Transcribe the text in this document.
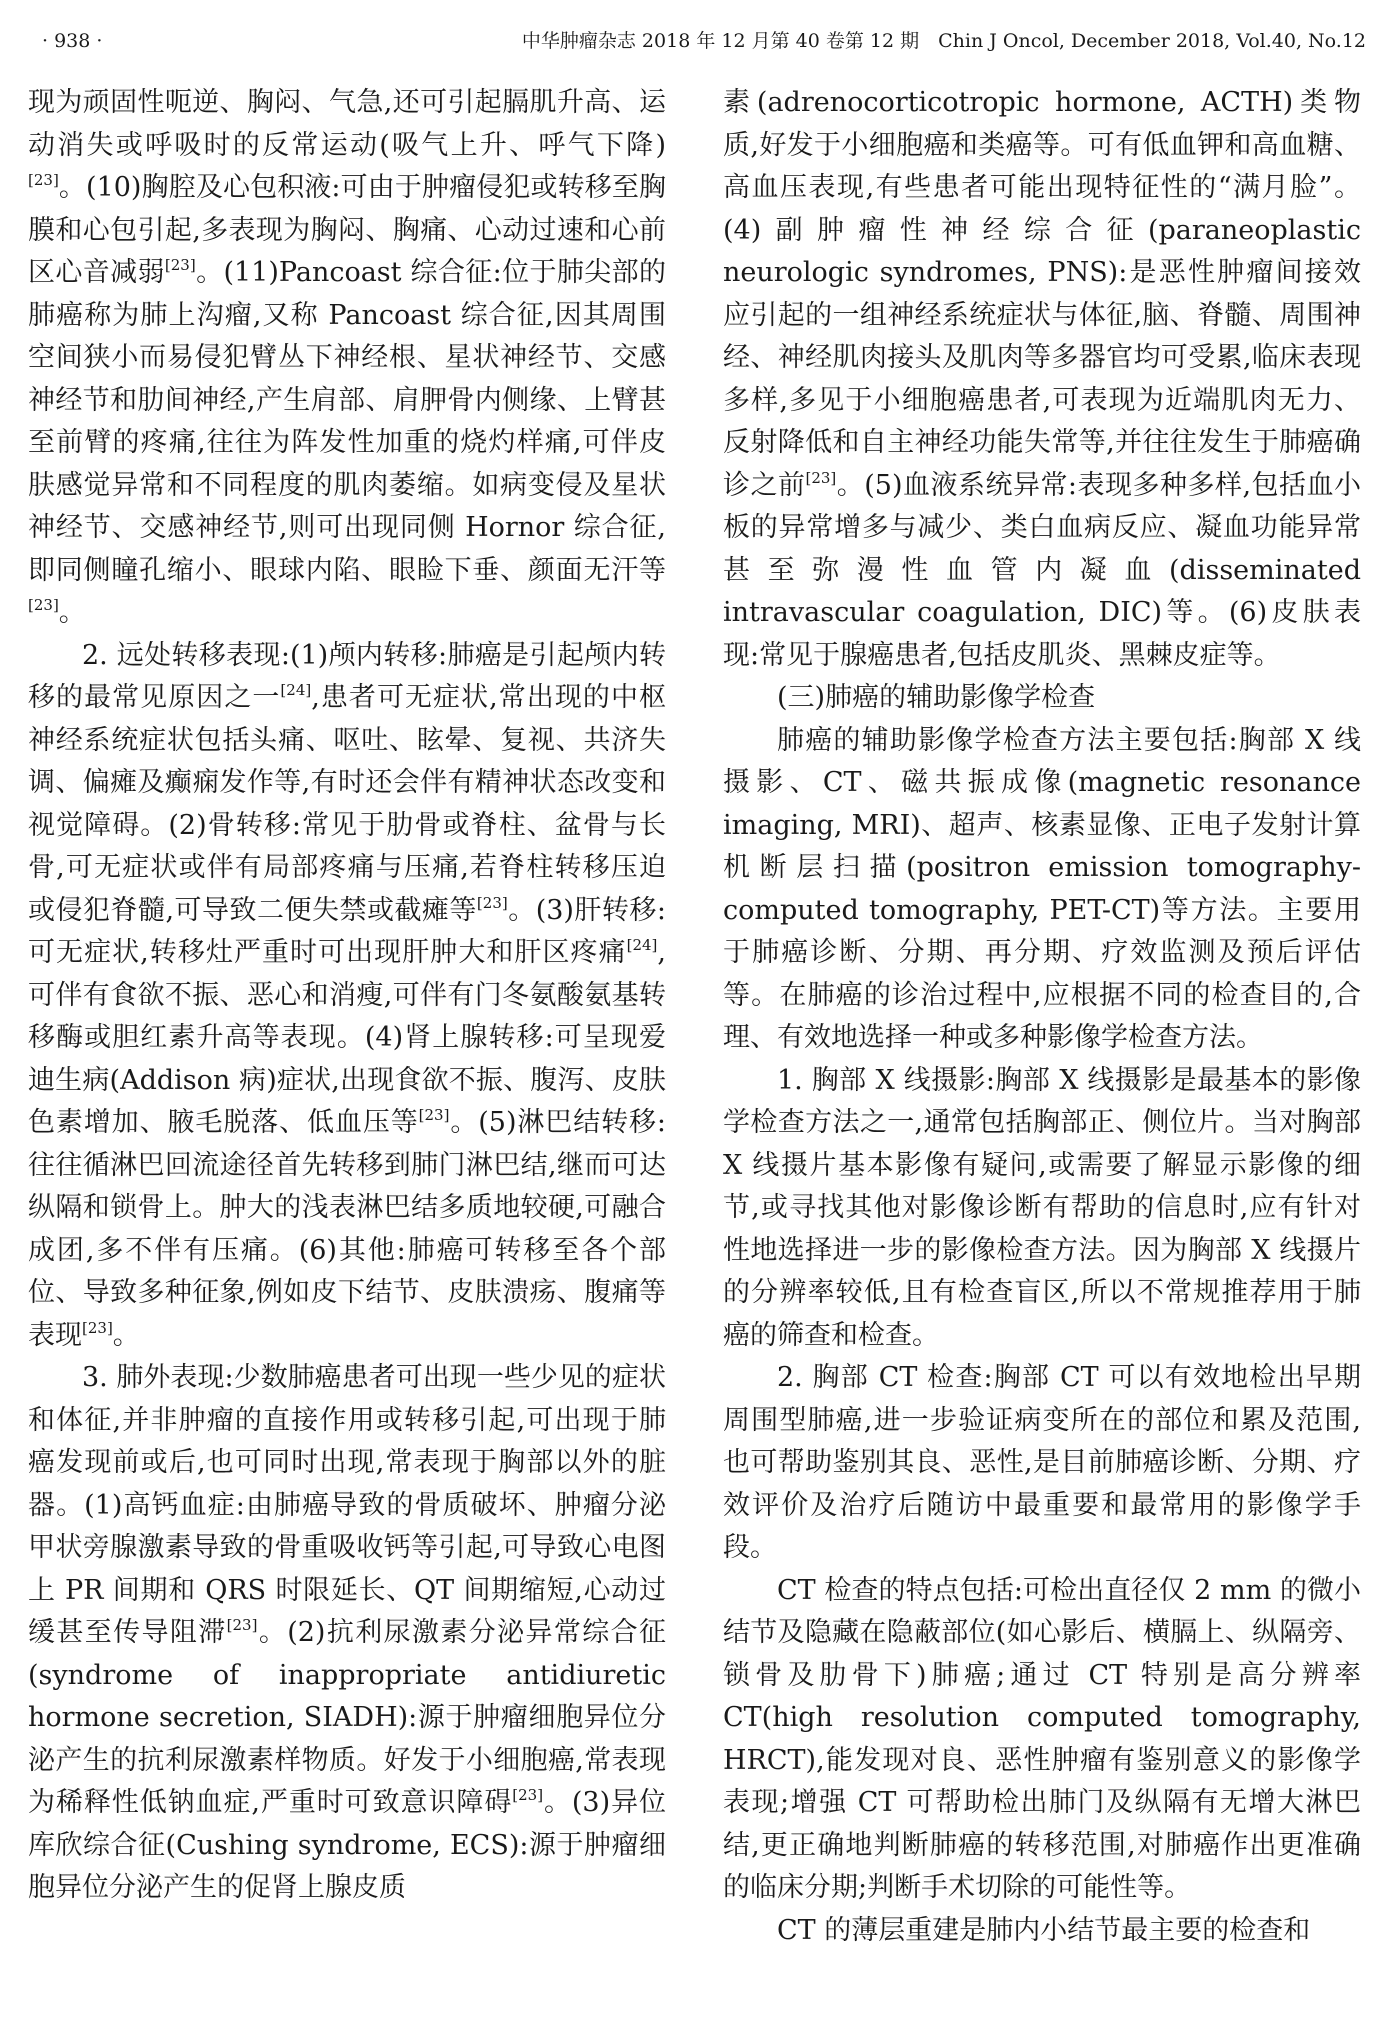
· 938 ·	中华肿瘤杂志 2018 年 12 月第 40 卷第 12 期　Chin J Oncol, December 2018, Vol.40, No.12

现为顽固性呃逆、胸闷、气急,还可引起膈肌升高、运动消失或呼吸时的反常运动(吸气上升、呼气下降)[23]。(10)胸腔及心包积液:可由于肿瘤侵犯或转移至胸膜和心包引起,多表现为胸闷、胸痛、心动过速和心前区心音减弱[23]。(11)Pancoast 综合征:位于肺尖部的肺癌称为肺上沟瘤,又称 Pancoast 综合征,因其周围空间狭小而易侵犯臂丛下神经根、星状神经节、交感神经节和肋间神经,产生肩部、肩胛骨内侧缘、上臂甚至前臂的疼痛,往往为阵发性加重的烧灼样痛,可伴皮肤感觉异常和不同程度的肌肉萎缩。如病变侵及星状神经节、交感神经节,则可出现同侧 Hornor 综合征,即同侧瞳孔缩小、眼球内陷、眼睑下垂、颜面无汗等[23]。

2. 远处转移表现:(1)颅内转移:肺癌是引起颅内转移的最常见原因之一[24],患者可无症状,常出现的中枢神经系统症状包括头痛、呕吐、眩晕、复视、共济失调、偏瘫及癫痫发作等,有时还会伴有精神状态改变和视觉障碍。(2)骨转移:常见于肋骨或脊柱、盆骨与长骨,可无症状或伴有局部疼痛与压痛,若脊柱转移压迫或侵犯脊髓,可导致二便失禁或截瘫等[23]。(3)肝转移:可无症状,转移灶严重时可出现肝肿大和肝区疼痛[24],可伴有食欲不振、恶心和消瘦,可伴有门冬氨酸氨基转移酶或胆红素升高等表现。(4)肾上腺转移:可呈现爱迪生病(Addison 病)症状,出现食欲不振、腹泻、皮肤色素增加、腋毛脱落、低血压等[23]。(5)淋巴结转移:往往循淋巴回流途径首先转移到肺门淋巴结,继而可达纵隔和锁骨上。肿大的浅表淋巴结多质地较硬,可融合成团,多不伴有压痛。(6)其他:肺癌可转移至各个部位、导致多种征象,例如皮下结节、皮肤溃疡、腹痛等表现[23]。

3. 肺外表现:少数肺癌患者可出现一些少见的症状和体征,并非肿瘤的直接作用或转移引起,可出现于肺癌发现前或后,也可同时出现,常表现于胸部以外的脏器。(1)高钙血症:由肺癌导致的骨质破坏、肿瘤分泌甲状旁腺激素导致的骨重吸收钙等引起,可导致心电图上 PR 间期和 QRS 时限延长、QT 间期缩短,心动过缓甚至传导阻滞[23]。(2)抗利尿激素分泌异常综合征(syndrome of inappropriate antidiuretic hormone secretion, SIADH):源于肿瘤细胞异位分泌产生的抗利尿激素样物质。好发于小细胞癌,常表现为稀释性低钠血症,严重时可致意识障碍[23]。(3)异位库欣综合征(Cushing syndrome, ECS):源于肿瘤细胞异位分泌产生的促肾上腺皮质

素(adrenocorticotropic hormone, ACTH)类物质,好发于小细胞癌和类癌等。可有低血钾和高血糖、高血压表现,有些患者可能出现特征性的“满月脸”。(4)副肿瘤性神经综合征(paraneoplastic neurologic syndromes, PNS):是恶性肿瘤间接效应引起的一组神经系统症状与体征,脑、脊髓、周围神经、神经肌肉接头及肌肉等多器官均可受累,临床表现多样,多见于小细胞癌患者,可表现为近端肌肉无力、反射降低和自主神经功能失常等,并往往发生于肺癌确诊之前[23]。(5)血液系统异常:表现多种多样,包括血小板的异常增多与减少、类白血病反应、凝血功能异常甚至弥漫性血管内凝血(disseminated intravascular coagulation, DIC)等。(6)皮肤表现:常见于腺癌患者,包括皮肌炎、黑棘皮症等。

(三)肺癌的辅助影像学检查

肺癌的辅助影像学检查方法主要包括:胸部 X 线摄影、CT、磁共振成像(magnetic resonance imaging, MRI)、超声、核素显像、正电子发射计算机断层扫描(positron emission tomography-computed tomography, PET-CT)等方法。主要用于肺癌诊断、分期、再分期、疗效监测及预后评估等。在肺癌的诊治过程中,应根据不同的检查目的,合理、有效地选择一种或多种影像学检查方法。

1. 胸部 X 线摄影:胸部 X 线摄影是最基本的影像学检查方法之一,通常包括胸部正、侧位片。当对胸部 X 线摄片基本影像有疑问,或需要了解显示影像的细节,或寻找其他对影像诊断有帮助的信息时,应有针对性地选择进一步的影像检查方法。因为胸部 X 线摄片的分辨率较低,且有检查盲区,所以不常规推荐用于肺癌的筛查和检查。

2. 胸部 CT 检查:胸部 CT 可以有效地检出早期周围型肺癌,进一步验证病变所在的部位和累及范围,也可帮助鉴别其良、恶性,是目前肺癌诊断、分期、疗效评价及治疗后随访中最重要和最常用的影像学手段。

CT 检查的特点包括:可检出直径仅 2 mm 的微小结节及隐藏在隐蔽部位(如心影后、横膈上、纵隔旁、锁骨及肋骨下)肺癌;通过 CT 特别是高分辨率 CT(high resolution computed tomography, HRCT),能发现对良、恶性肿瘤有鉴别意义的影像学表现;增强 CT 可帮助检出肺门及纵隔有无增大淋巴结,更正确地判断肺癌的转移范围,对肺癌作出更准确的临床分期;判断手术切除的可能性等。

CT 的薄层重建是肺内小结节最主要的检查和
